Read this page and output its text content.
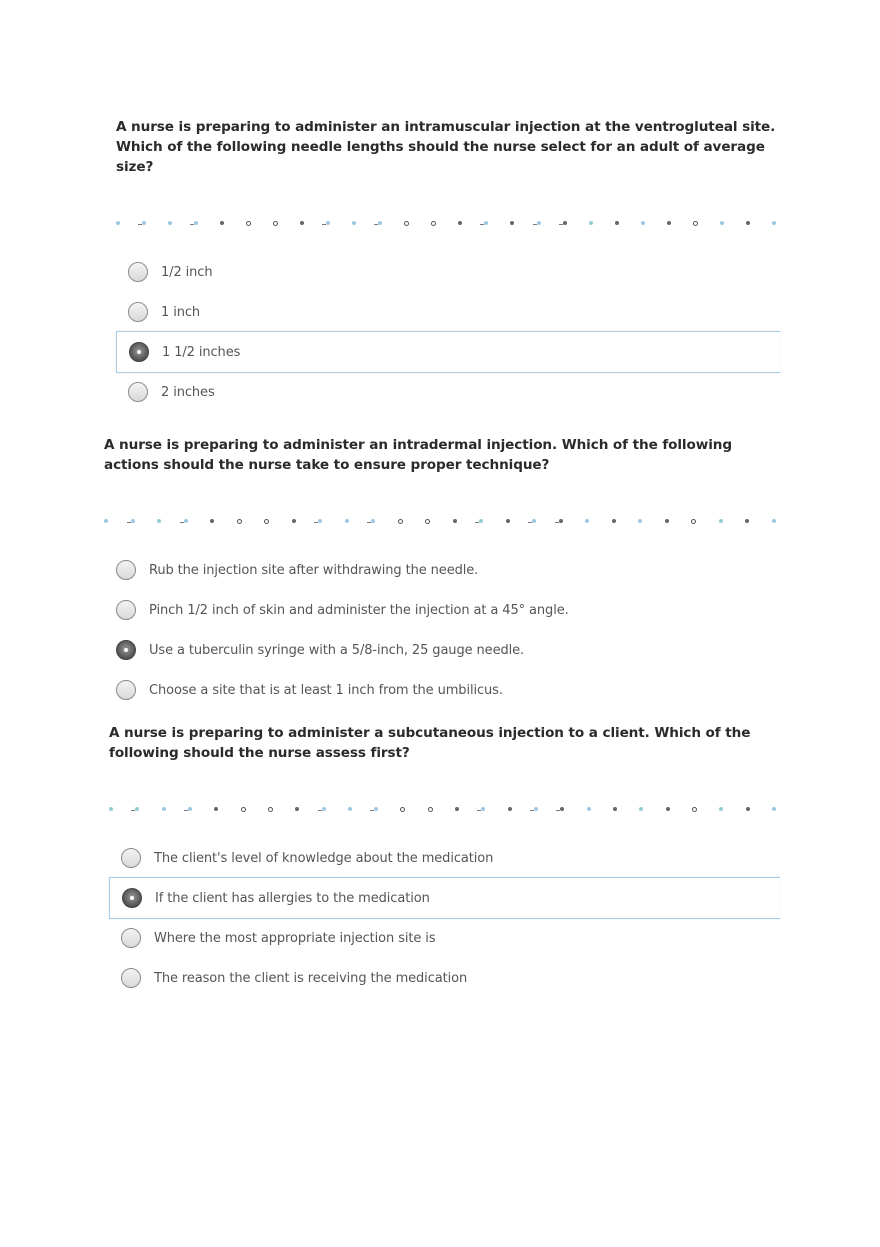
A nurse is preparing to administer an intramuscular injection at the ventrogluteal site. Which of the following needle lengths should the nurse select for an adult of average size?

1/2 inch
1 inch
1 1/2 inches
2 inches

A nurse is preparing to administer an intradermal injection. Which of the following actions should the nurse take to ensure proper technique?

Rub the injection site after withdrawing the needle.
Pinch 1/2 inch of skin and administer the injection at a 45° angle.
Use a tuberculin syringe with a 5/8-inch, 25 gauge needle.
Choose a site that is at least 1 inch from the umbilicus.

A nurse is preparing to administer a subcutaneous injection to a client. Which of the following should the nurse assess first?

The client's level of knowledge about the medication
If the client has allergies to the medication
Where the most appropriate injection site is
The reason the client is receiving the medication
